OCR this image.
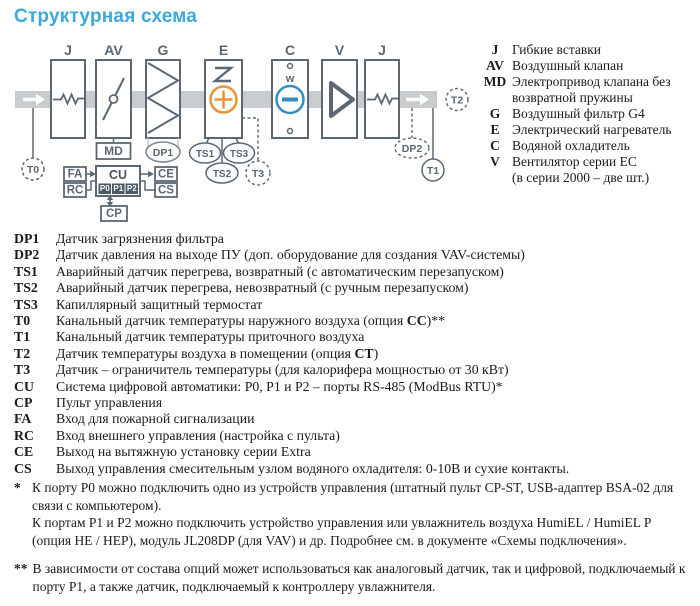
Структурная схема
J AV G	E	C	V J
w
T0
MD	DP1
TS2
TS1 TS3
T3
DP2
T1
T2
FA
RC
CU
P0 P1 P2
CE
CS
CP
J	Гибкие вставки
AV Воздушный клапан
MD Электропривод клапана без
возвратной пружины
G Воздушный фильтр G4
E Электрический нагреватель
C Водяной охладитель
V Вентилятор серии EC
(в серии 2000 – две шт.)
DP1	Датчик загрязнения фильтра
DP2	Датчик давления на выходе ПУ (доп. оборудование для создания VAV-системы)
TS1	Аварийный датчик перегрева, возвратный (с автоматическим перезапуском)
TS2	Аварийный датчик перегрева, невозвратный (с ручным перезапуском)
TS3	Капиллярный защитный термостат
T0	Канальный датчик температуры наружного воздуха (опция CC)**
T1	Канальный датчик температуры приточного воздуха
T2	Датчик температуры воздуха в помещении (опция CT)
T3	Датчик – ограничитель температуры (для калорифера мощностью от 30 кВт)
CU	Система цифровой автоматики: P0, P1 и P2 – порты RS-485 (ModBus RTU)*
CP	Пульт управления
FA	Вход для пожарной сигнализации
RC	Вход внешнего управления (настройка с пульта)
CE	Выход на вытяжную установку серии Extra
CS	Выход управления смесительным узлом водяного охладителя: 0-10В и сухие контакты.
* К порту P0 можно подключить одно из устройств управления (штатный пульт CP-ST, USB-адаптер BSA-02 для связи с компьютером).

К портам P1 и P2 можно подключить устройство управления или увлажнитель воздуха HumiEL / HumiEL P (опция HE / HEP), модуль JL208DP (для VAV) и др. Подробнее см. в документе «Схемы подключения».

** В зависимости от состава опций может использоваться как аналоговый датчик, так и цифровой, подключаемый к порту P1, а также датчик, подключаемый к контроллеру увлажнителя.
